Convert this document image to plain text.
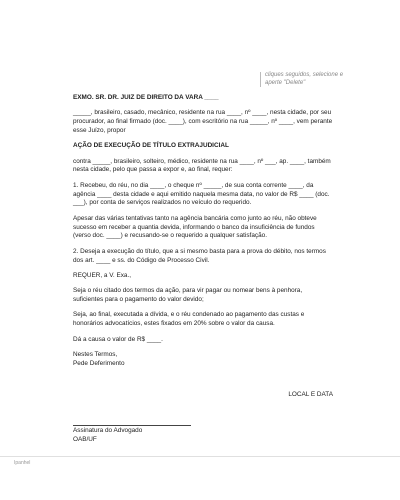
cliques seguidos, selecione e aperte "Delete"

EXMO. SR. DR. JUIZ DE DIREITO DA VARA ____

_____, brasileiro, casado, mecânico, residente na rua ____, nº ____, nesta cidade, por seu procurador, ao final firmado (doc. ____), com escritório na rua _____, nº ____, vem perante esse Juízo, propor

AÇÃO DE EXECUÇÃO DE TÍTULO EXTRAJUDICIAL

contra _____, brasileiro, solteiro, médico, residente na rua ____, nº ___, ap. ____, também nesta cidade, pelo que passa a expor e, ao final, requer:

1. Recebeu, do réu, no dia ____, o cheque nº _____, de sua conta corrente ____, da agência ____ desta cidade e aqui emitido naquela mesma data, no valor de R$ ____ (doc. ___), por conta de serviços realizados no veículo do requerido.

Apesar das várias tentativas tanto na agência bancária como junto ao réu, não obteve sucesso em receber a quantia devida, informando o banco da insuficiência de fundos (verso doc. ____) e recusando-se o requerido a qualquer satisfação.

2. Deseja a execução do título, que a si mesmo basta para a prova do débito, nos termos dos art. ____ e ss. do Código de Processo Civil.

REQUER, a V. Exa.,

Seja o réu citado dos termos da ação, para vir pagar ou nomear bens à penhora, suficientes para o pagamento do valor devido;

Seja, ao final, executada a dívida, e o réu condenado ao pagamento das custas e honorários advocatícios, estes fixados em 20% sobre o valor da causa.

Dá a causa o valor de R$ ____.

Nestes Termos,
Pede Deferimento
LOCAL E DATA
Assinatura do Advogado
OAB/UF
Ipanhel
